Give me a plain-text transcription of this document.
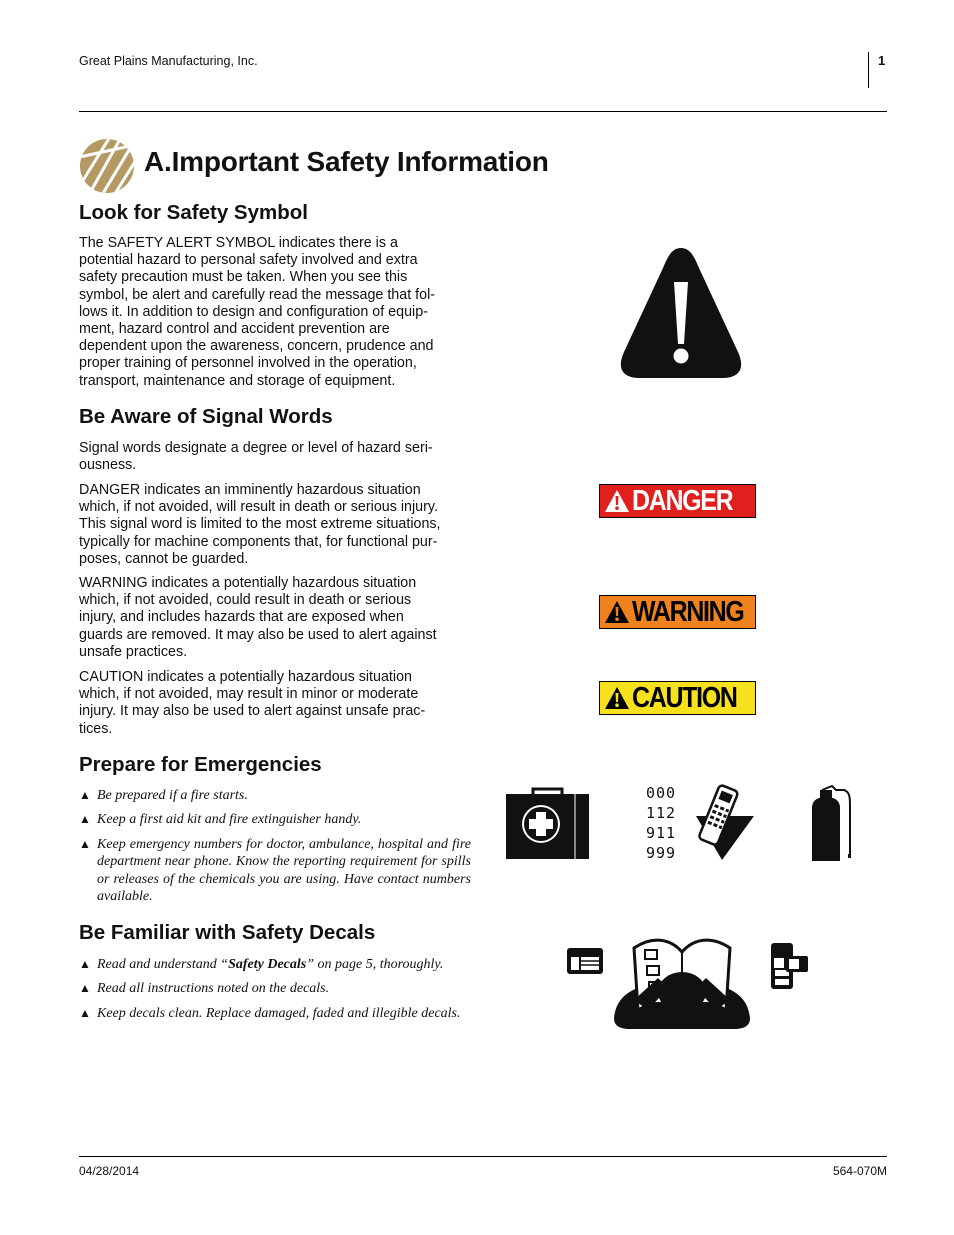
Great Plains Manufacturing, Inc.	1
A.Important Safety Information
Look for Safety Symbol
The SAFETY ALERT SYMBOL indicates there is a
potential hazard to personal safety involved and extra
safety precaution must be taken. When you see this
symbol, be alert and carefully read the message that fol-
lows it. In addition to design and configuration of equip-
ment, hazard control and accident prevention are
dependent upon the awareness, concern, prudence and
proper training of personnel involved in the operation,
transport, maintenance and storage of equipment.
Be Aware of Signal Words
Signal words designate a degree or level of hazard seri-
ousness.
DANGER indicates an imminently hazardous situation
which, if not avoided, will result in death or serious injury.
This signal word is limited to the most extreme situations,
typically for machine components that, for functional pur-
poses, cannot be guarded.
WARNING indicates a potentially hazardous situation
which, if not avoided, could result in death or serious
injury, and includes hazards that are exposed when
guards are removed. It may also be used to alert against
unsafe practices.
CAUTION indicates a potentially hazardous situation
which, if not avoided, may result in minor or moderate
injury. It may also be used to alert against unsafe prac-
tices.
Prepare for Emergencies
▲ Be prepared if a fire starts.
▲ Keep a first aid kit and fire extinguisher handy.
▲ Keep emergency numbers for doctor, ambulance, hospital and fire department near phone. Know the reporting requirement for spills or releases of the chemicals you are using. Have contact numbers available.
Be Familiar with Safety Decals
▲ Read and understand “Safety Decals” on page 5, thoroughly.
▲ Read all instructions noted on the decals.
▲ Keep decals clean. Replace damaged, faded and illegible decals.
DANGER
WARNING
CAUTION
000
112
911
999
04/28/2014	564-070M
